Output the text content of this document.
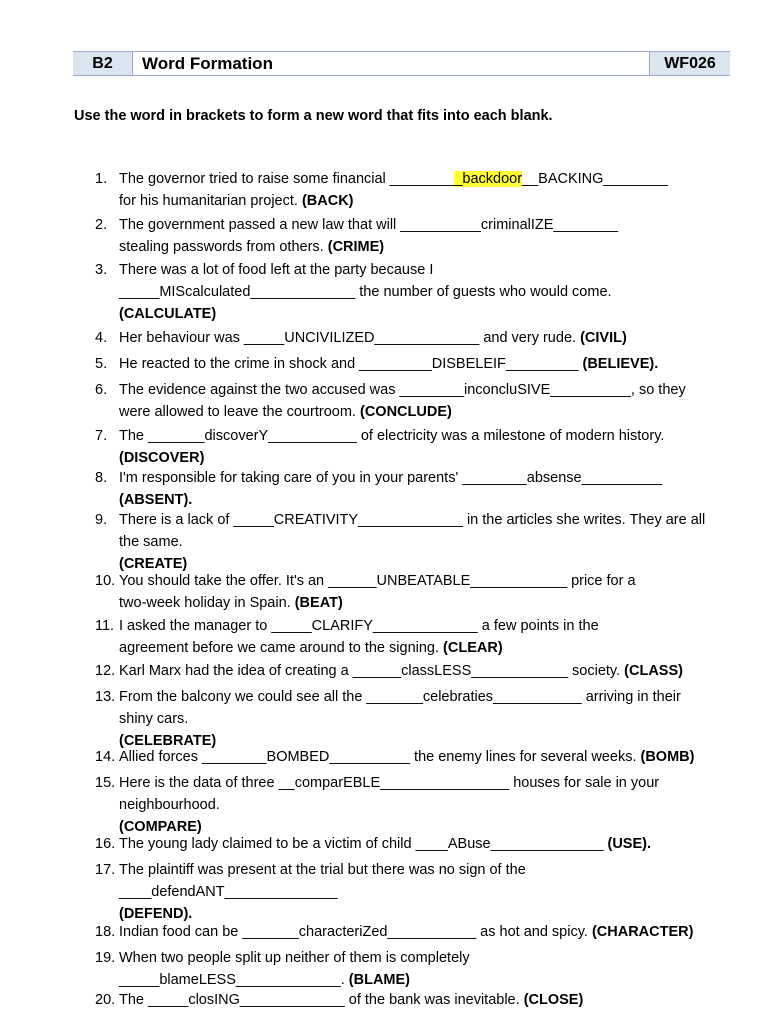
B2	Word Formation	WF026
Use the word in brackets to form a new word that fits into each blank.
1. The governor tried to raise some financial _________backdoor__BACKING________
for his humanitarian project. (BACK)
2. The government passed a new law that will __________criminalIZE________
stealing passwords from others. (CRIME)
3. There was a lot of food left at the party because I
_____MIScalculated_____________ the number of guests who would come.
(CALCULATE)
4. Her behaviour was _____UNCIVILIZED_____________ and very rude. (CIVIL)
5. He reacted to the crime in shock and _________DISBELEIF_________ (BELIEVE).
6. The evidence against the two accused was ________inconcluSIVE__________, so they
were allowed to leave the courtroom. (CONCLUDE)
7. The _______discoverY___________ of electricity was a milestone of modern history.
(DISCOVER)
8. I'm responsible for taking care of you in your parents' ________absense__________
(ABSENT).
9. There is a lack of _____CREATIVITY_____________ in the articles she writes. They are all
the same.
(CREATE)
10. You should take the offer. It's an ______UNBEATABLE____________ price for a
two-week holiday in Spain. (BEAT)
11. I asked the manager to _____CLARIFY_____________ a few points in the
agreement before we came around to the signing. (CLEAR)
12. Karl Marx had the idea of creating a ______classLESS____________ society. (CLASS)
13. From the balcony we could see all the _______celebraties___________ arriving in their
shiny cars.
(CELEBRATE)
14. Allied forces ________BOMBED__________ the enemy lines for several weeks. (BOMB)
15. Here is the data of three __comparEBLE________________ houses for sale in your
neighbourhood.
(COMPARE)
16. The young lady claimed to be a victim of child ____ABuse______________ (USE).
17. The plaintiff was present at the trial but there was no sign of the
____defendANT______________
(DEFEND).
18. Indian food can be _______characteriZed___________ as hot and spicy. (CHARACTER)
19. When two people split up neither of them is completely
_____blameLESS_____________. (BLAME)
20. The _____closING_____________ of the bank was inevitable. (CLOSE)
